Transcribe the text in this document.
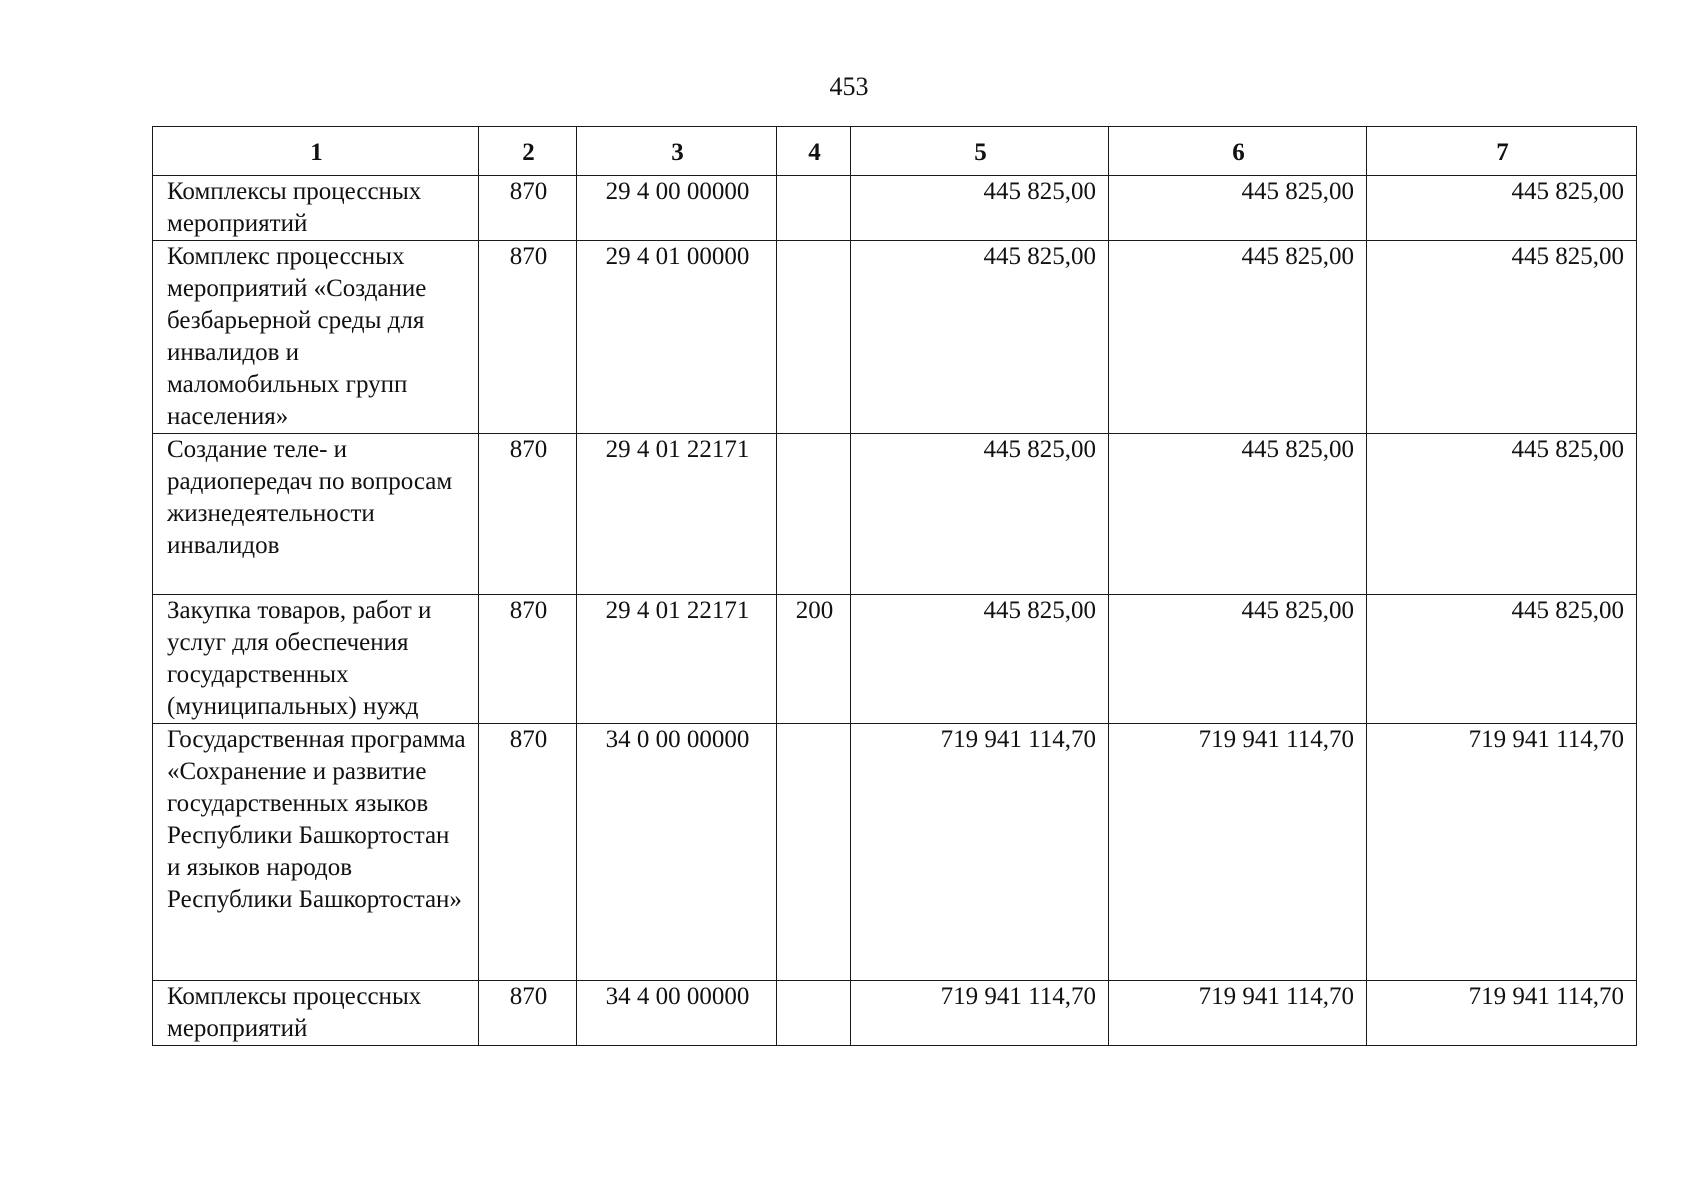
453
1	2	3	4	5	6	7
Комплексы процессных мероприятий	870	29 4 00 00000		445 825,00	445 825,00	445 825,00
Комплекс процессных мероприятий «Создание безбарьерной среды для инвалидов и маломобильных групп населения»	870	29 4 01 00000		445 825,00	445 825,00	445 825,00
Создание теле- и радиопередач по вопросам жизнедеятельности инвалидов	870	29 4 01 22171		445 825,00	445 825,00	445 825,00
Закупка товаров, работ и услуг для обеспечения государственных (муниципальных) нужд	870	29 4 01 22171	200	445 825,00	445 825,00	445 825,00
Государственная программа «Сохранение и развитие государственных языков Республики Башкортостан и языков народов Республики Башкортостан»	870	34 0 00 00000		719 941 114,70	719 941 114,70	719 941 114,70
Комплексы процессных мероприятий	870	34 4 00 00000		719 941 114,70	719 941 114,70	719 941 114,70
